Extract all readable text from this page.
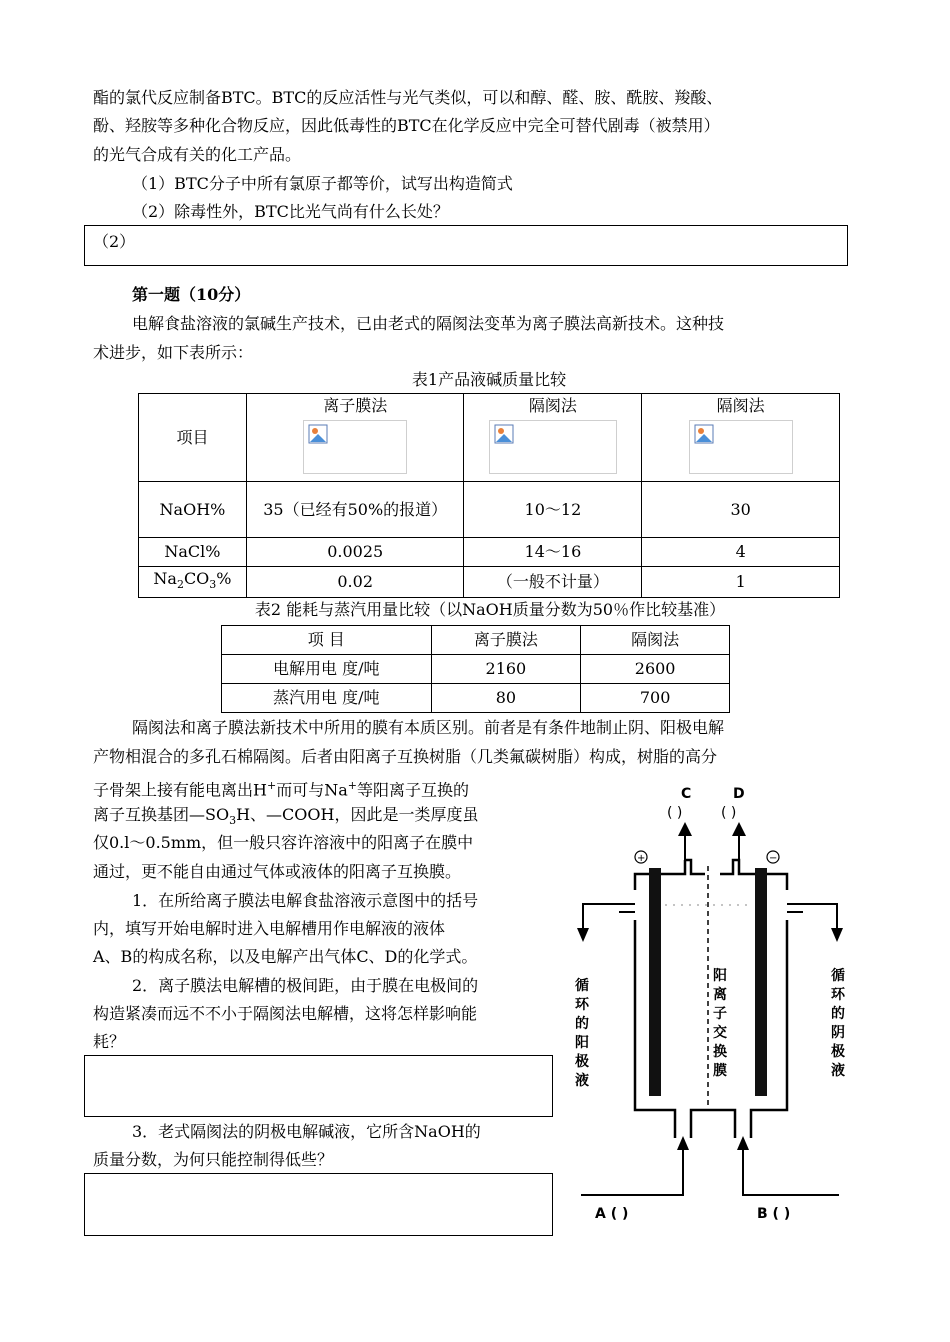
酯的氯代反应制备BTC。BTC的反应活性与光气类似，可以和醇、醛、胺、酰胺、羧酸、
酚、羟胺等多种化合物反应，因此低毒性的BTC在化学反应中完全可替代剧毒（被禁用）
的光气合成有关的化工产品。
（1）BTC分子中所有氯原子都等价，试写出构造简式
（2）除毒性外，BTC比光气尚有什么长处？
（2）
第一题（10分）
电解食盐溶液的氯碱生产技术，已由老式的隔阂法变革为离子膜法高新技术。这种技
术进步，如下表所示：
表1产品液碱质量比较
项目	离子膜法	隔阂法	隔阂法

NaOH%	35（已经有50%的报道）	10～12	30
NaCl%	0.0025	14～16	4
$Na_2CO_3\%$	0.02	（一般不计量）	1
表2 能耗与蒸汽用量比较（以NaOH质量分数为50％作比较基准）
项 目	离子膜法	隔阂法
电解用电 度/吨	2160	2600
蒸汽用电 度/吨	80	700
隔阂法和离子膜法新技术中所用的膜有本质区别。前者是有条件地制止阴、阳极电解
产物相混合的多孔石棉隔阂。后者由阳离子互换树脂（几类氟碳树脂）构成，树脂的高分
子骨架上接有能电离出H+而可与Na+等阳离子互换的
离子互换基团$—SO_3H$、—COOH，因此是一类厚度虽
仅0.l～0.5mm，但一般只容许溶液中的阳离子在膜中
通过，更不能自由通过气体或液体的阳离子互换膜。
1．在所给离子膜法电解食盐溶液示意图中的括号
内，填写开始电解时进入电解槽用作电解液的液体
A、B的构成名称，以及电解产出气体C、D的化学式。
2．离子膜法电解槽的极间距，由于膜在电极间的
构造紧凑而远不不小于隔阂法电解槽，这将怎样影响能
耗？
3．老式隔阂法的阴极电解碱液，它所含NaOH的
质量分数，为何只能控制得低些？
C	D
( )	( )
+	−
循
环
的
阳
极
液
阳
离
子
交
换
膜
循
环
的
阴
极
液
A ( )	B ( )
